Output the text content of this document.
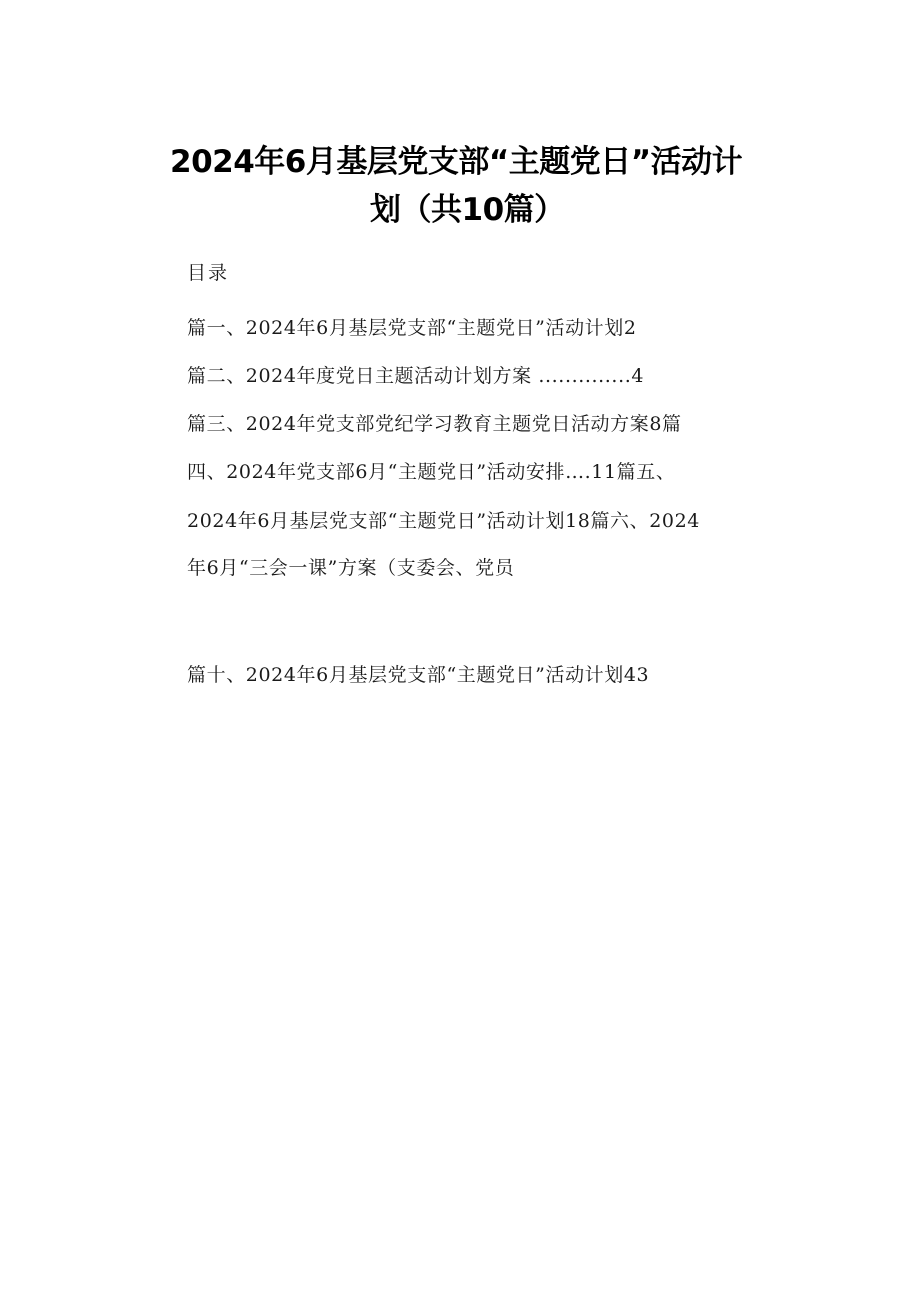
2024年6月基层党支部“主题党日”活动计
划（共10篇）
目录
篇一、2024年6月基层党支部“主题党日”活动计划2
篇二、2024年度党日主题活动计划方案 ..............4
篇三、2024年党支部党纪学习教育主题党日活动方案8篇
四、2024年党支部6月“主题党日”活动安排….11篇五、
2024年6月基层党支部“主题党日”活动计划18篇六、2024
年6月“三会一课”方案（支委会、党员
篇十、2024年6月基层党支部“主题党日”活动计划43
